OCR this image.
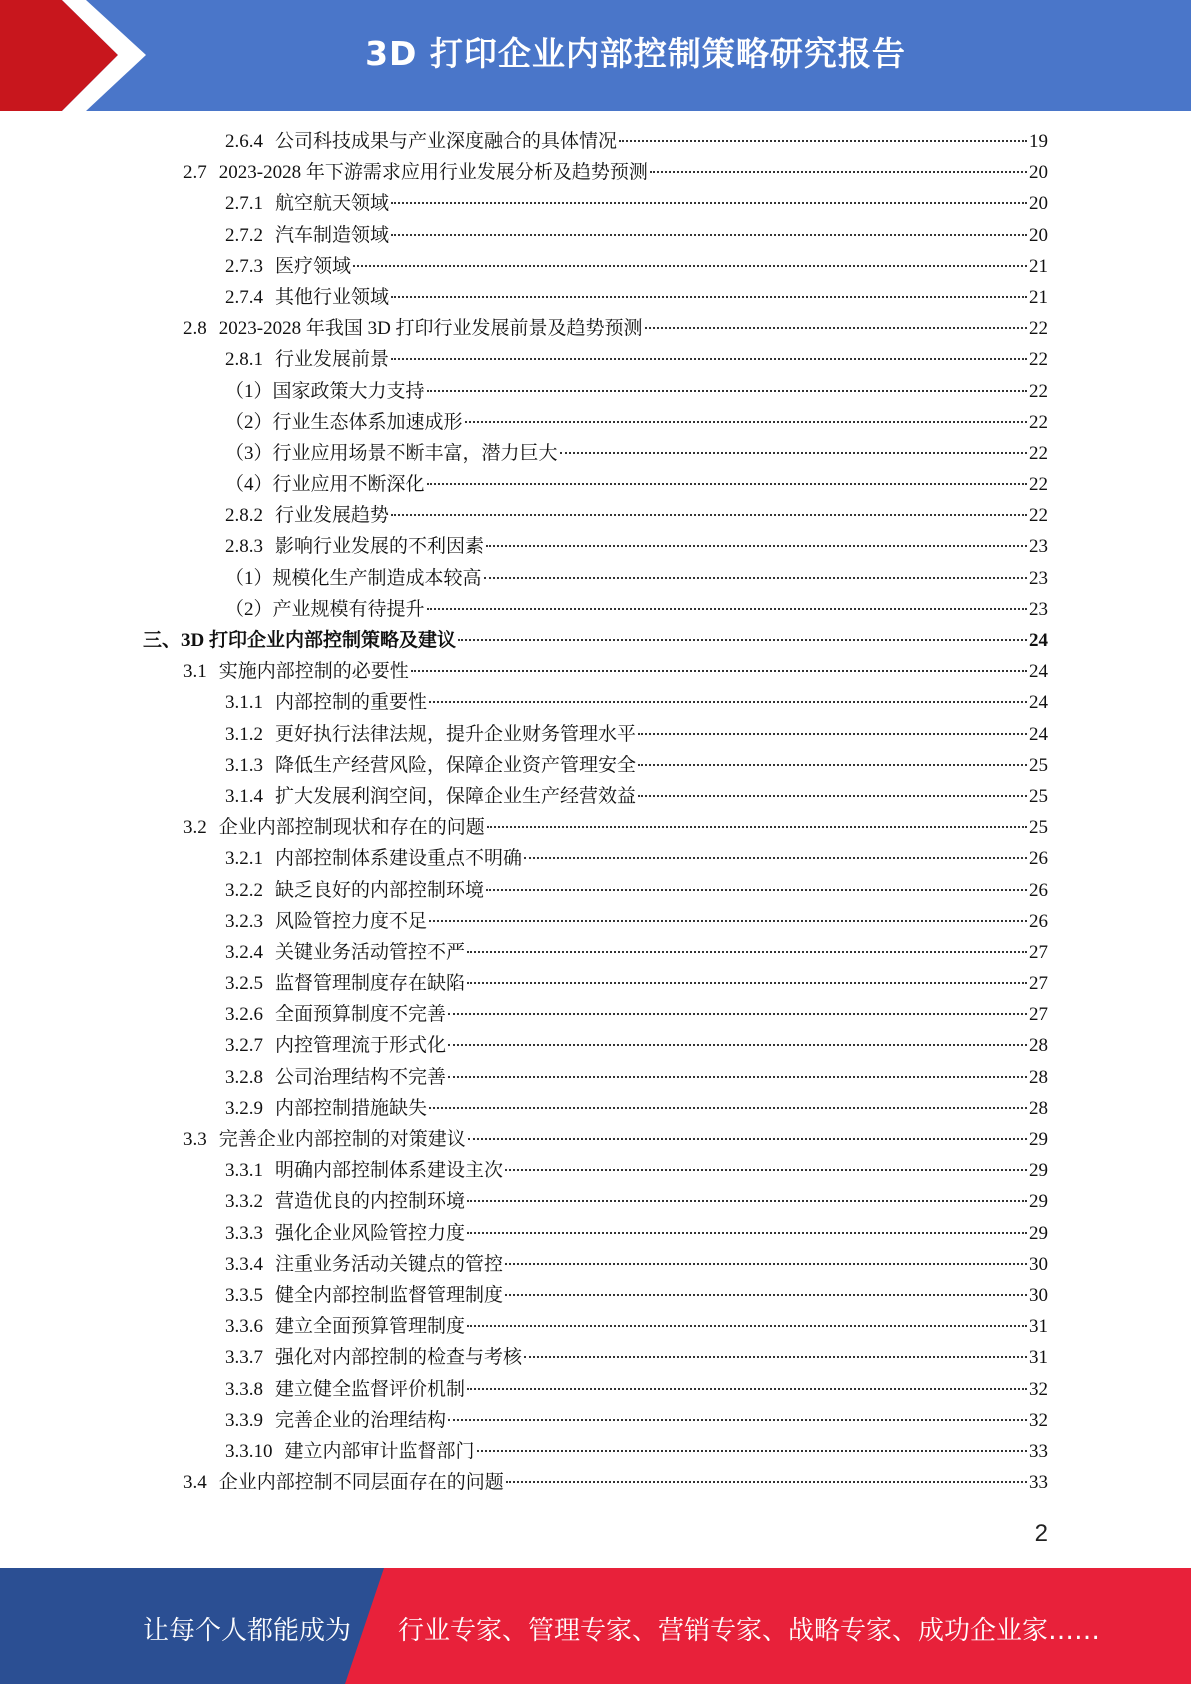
3D 打印企业内部控制策略研究报告
2.6.4 公司科技成果与产业深度融合的具体情况	19
2.7 2023-2028 年下游需求应用行业发展分析及趋势预测	20
2.7.1 航空航天领域	20
2.7.2 汽车制造领域	20
2.7.3 医疗领域	21
2.7.4 其他行业领域	21
2.8 2023-2028 年我国 3D 打印行业发展前景及趋势预测	22
2.8.1 行业发展前景	22
（1）国家政策大力支持	22
（2）行业生态体系加速成形	22
（3）行业应用场景不断丰富，潜力巨大	22
（4）行业应用不断深化	22
2.8.2 行业发展趋势	22
2.8.3 影响行业发展的不利因素	23
（1）规模化生产制造成本较高	23
（2）产业规模有待提升	23
三、3D 打印企业内部控制策略及建议	24
3.1 实施内部控制的必要性	24
3.1.1 内部控制的重要性	24
3.1.2 更好执行法律法规，提升企业财务管理水平	24
3.1.3 降低生产经营风险，保障企业资产管理安全	25
3.1.4 扩大发展利润空间，保障企业生产经营效益	25
3.2 企业内部控制现状和存在的问题	25
3.2.1 内部控制体系建设重点不明确	26
3.2.2 缺乏良好的内部控制环境	26
3.2.3 风险管控力度不足	26
3.2.4 关键业务活动管控不严	27
3.2.5 监督管理制度存在缺陷	27
3.2.6 全面预算制度不完善	27
3.2.7 内控管理流于形式化	28
3.2.8 公司治理结构不完善	28
3.2.9 内部控制措施缺失	28
3.3 完善企业内部控制的对策建议	29
3.3.1 明确内部控制体系建设主次	29
3.3.2 营造优良的内控制环境	29
3.3.3 强化企业风险管控力度	29
3.3.4 注重业务活动关键点的管控	30
3.3.5 健全内部控制监督管理制度	30
3.3.6 建立全面预算管理制度	31
3.3.7 强化对内部控制的检查与考核	31
3.3.8 建立健全监督评价机制	32
3.3.9 完善企业的治理结构	32
3.3.10 建立内部审计监督部门	33
3.4 企业内部控制不同层面存在的问题	33
2
让每个人都能成为 行业专家、管理专家、营销专家、战略专家、成功企业家……
